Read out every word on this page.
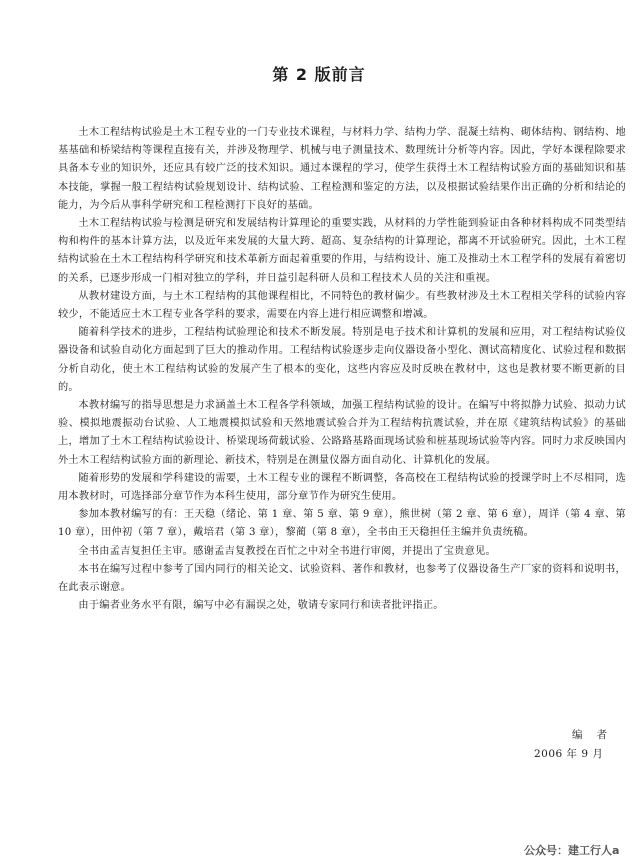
第 2 版前言

土木工程结构试验是土木工程专业的一门专业技术课程，与材料力学、结构力学、混凝土结构、砌体结构、钢结构、地基基础和桥梁结构等课程直接有关，并涉及物理学、机械与电子测量技术、数理统计分析等内容。因此，学好本课程除要求具备本专业的知识外，还应具有较广泛的技术知识。通过本课程的学习，使学生获得土木工程结构试验方面的基础知识和基本技能，掌握一般工程结构试验规划设计、结构试验、工程检测和鉴定的方法，以及根据试验结果作出正确的分析和结论的能力，为今后从事科学研究和工程检测打下良好的基础。

土木工程结构试验与检测是研究和发展结构计算理论的重要实践，从材料的力学性能到验证由各种材料构成不同类型结构和构件的基本计算方法，以及近年来发展的大量大跨、超高、复杂结构的计算理论，都离不开试验研究。因此，土木工程结构试验在土木工程结构科学研究和技术革新方面起着重要的作用，与结构设计、施工及推动土木工程学科的发展有着密切的关系，已逐步形成一门相对独立的学科，并日益引起科研人员和工程技术人员的关注和重视。

从教材建设方面，与土木工程结构的其他课程相比，不同特色的教材偏少。有些教材涉及土木工程相关学科的试验内容较少，不能适应土木工程专业各学科的要求，需要在内容上进行相应调整和增减。

随着科学技术的进步，工程结构试验理论和技术不断发展。特别是电子技术和计算机的发展和应用，对工程结构试验仪器设备和试验自动化方面起到了巨大的推动作用。工程结构试验逐步走向仪器设备小型化、测试高精度化、试验过程和数据分析自动化，使土木工程结构试验的发展产生了根本的变化，这些内容应及时反映在教材中，这也是教材要不断更新的目的。

本教材编写的指导思想是力求涵盖土木工程各学科领域，加强工程结构试验的设计。在编写中将拟静力试验、拟动力试验、模拟地震振动台试验、人工地震模拟试验和天然地震试验合并为工程结构抗震试验，并在原《建筑结构试验》的基础上，增加了土木工程结构试验设计、桥梁现场荷载试验、公路路基路面现场试验和桩基现场试验等内容。同时力求反映国内外土木工程结构试验方面的新理论、新技术，特别是在测量仪器方面自动化、计算机化的发展。

随着形势的发展和学科建设的需要，土木工程专业的课程不断调整，各高校在工程结构试验的授课学时上不尽相同，选用本教材时，可选择部分章节作为本科生使用，部分章节作为研究生使用。

参加本教材编写的有：王天稳（绪论、第 1 章、第 5 章、第 9 章），熊世树（第 2 章、第 6 章），周详（第 4 章、第 10 章），田仲初（第 7 章），戴培君（第 3 章），黎蔺（第 8 章），全书由王天稳担任主编并负责统稿。

全书由孟吉复担任主审。感谢孟吉复教授在百忙之中对全书进行审阅，并提出了宝贵意见。

本书在编写过程中参考了国内同行的相关论文、试验资料、著作和教材，也参考了仪器设备生产厂家的资料和说明书，在此表示谢意。

由于编者业务水平有限，编写中必有漏误之处，敬请专家同行和读者批评指正。

编者
2006 年 9 月
公众号：建工行人a
